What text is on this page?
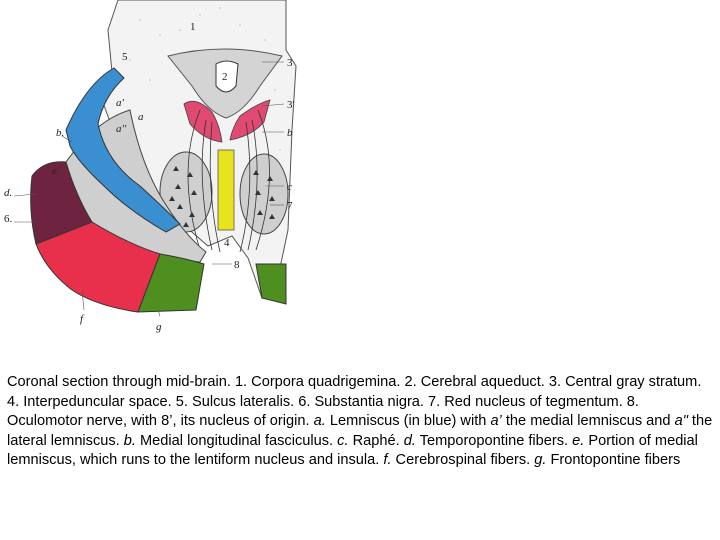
1
2
3
3'
b
c
7
4
8
5
d.
6.
b.
e
a'
a''
a
f
g
Coronal section through mid-brain. 1. Corpora quadrigemina. 2. Cerebral aqueduct. 3. Central gray stratum. 4. Interpeduncular space. 5. Sulcus lateralis. 6. Substantia nigra. 7. Red nucleus of tegmentum. 8. Oculomotor nerve, with 8’, its nucleus of origin. a. Lemniscus (in blue) with a’ the medial lemniscus and a" the lateral lemniscus. b. Medial longitudinal fasciculus. c. Raphé. d. Temporopontine fibers. e. Portion of medial lemniscus, which runs to the lentiform nucleus and insula. f. Cerebrospinal fibers. g. Frontopontine fibers
